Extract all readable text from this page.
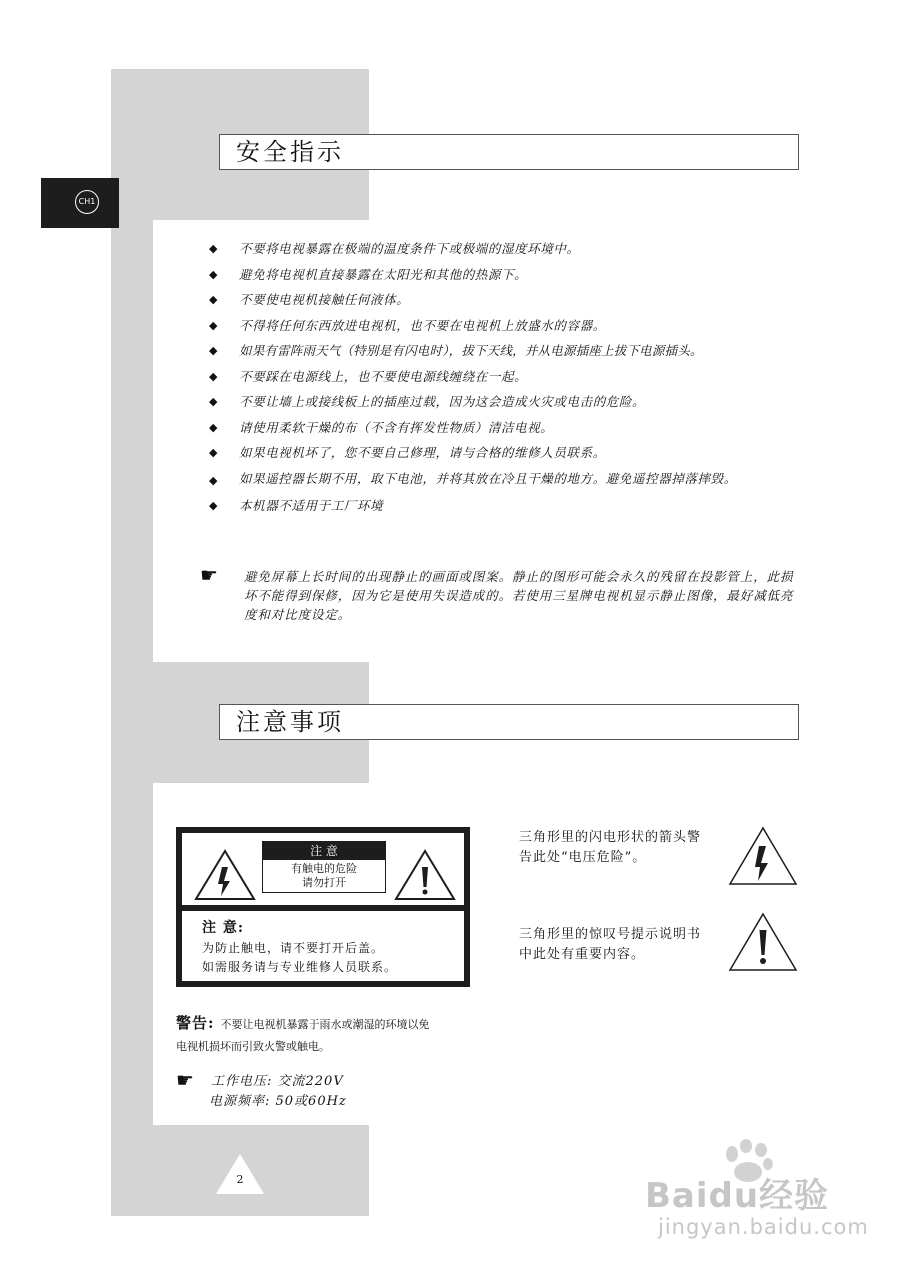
CH1
安全指示
◆ 不要将电视暴露在极端的温度条件下或极端的湿度环境中。
◆ 避免将电视机直接暴露在太阳光和其他的热源下。
◆ 不要使电视机接触任何液体。
◆ 不得将任何东西放进电视机，也不要在电视机上放盛水的容器。
◆ 如果有雷阵雨天气（特别是有闪电时），拔下天线，并从电源插座上拔下电源插头。
◆ 不要踩在电源线上，也不要使电源线缠绕在一起。
◆ 不要让墙上或接线板上的插座过载，因为这会造成火灾或电击的危险。
◆ 请使用柔软干燥的布（不含有挥发性物质）清洁电视。
◆ 如果电视机坏了，您不要自己修理，请与合格的维修人员联系。
◆ 如果遥控器长期不用，取下电池，并将其放在冷且干燥的地方。避免遥控器掉落摔毁。
◆ 本机器不适用于工厂环境
☛ 避免屏幕上长时间的出现静止的画面或图案。静止的图形可能会永久的残留在投影管上，此损坏不能得到保修，因为它是使用失误造成的。若使用三星牌电视机显示静止图像，最好减低亮度和对比度设定。
注意事项
注 意
有触电的危险
请勿打开
注 意:
为防止触电，请不要打开后盖。
如需服务请与专业维修人员联系。
三角形里的闪电形状的箭头警
告此处“电压危险”。
三角形里的惊叹号提示说明书
中此处有重要内容。
警告: 不要让电视机暴露于雨水或潮湿的环境以免
电视机损坏而引致火警或触电。
☛ 工作电压: 交流220V
电源频率: 50或60Hz
2	Baidu经验
jingyan.baidu.com
